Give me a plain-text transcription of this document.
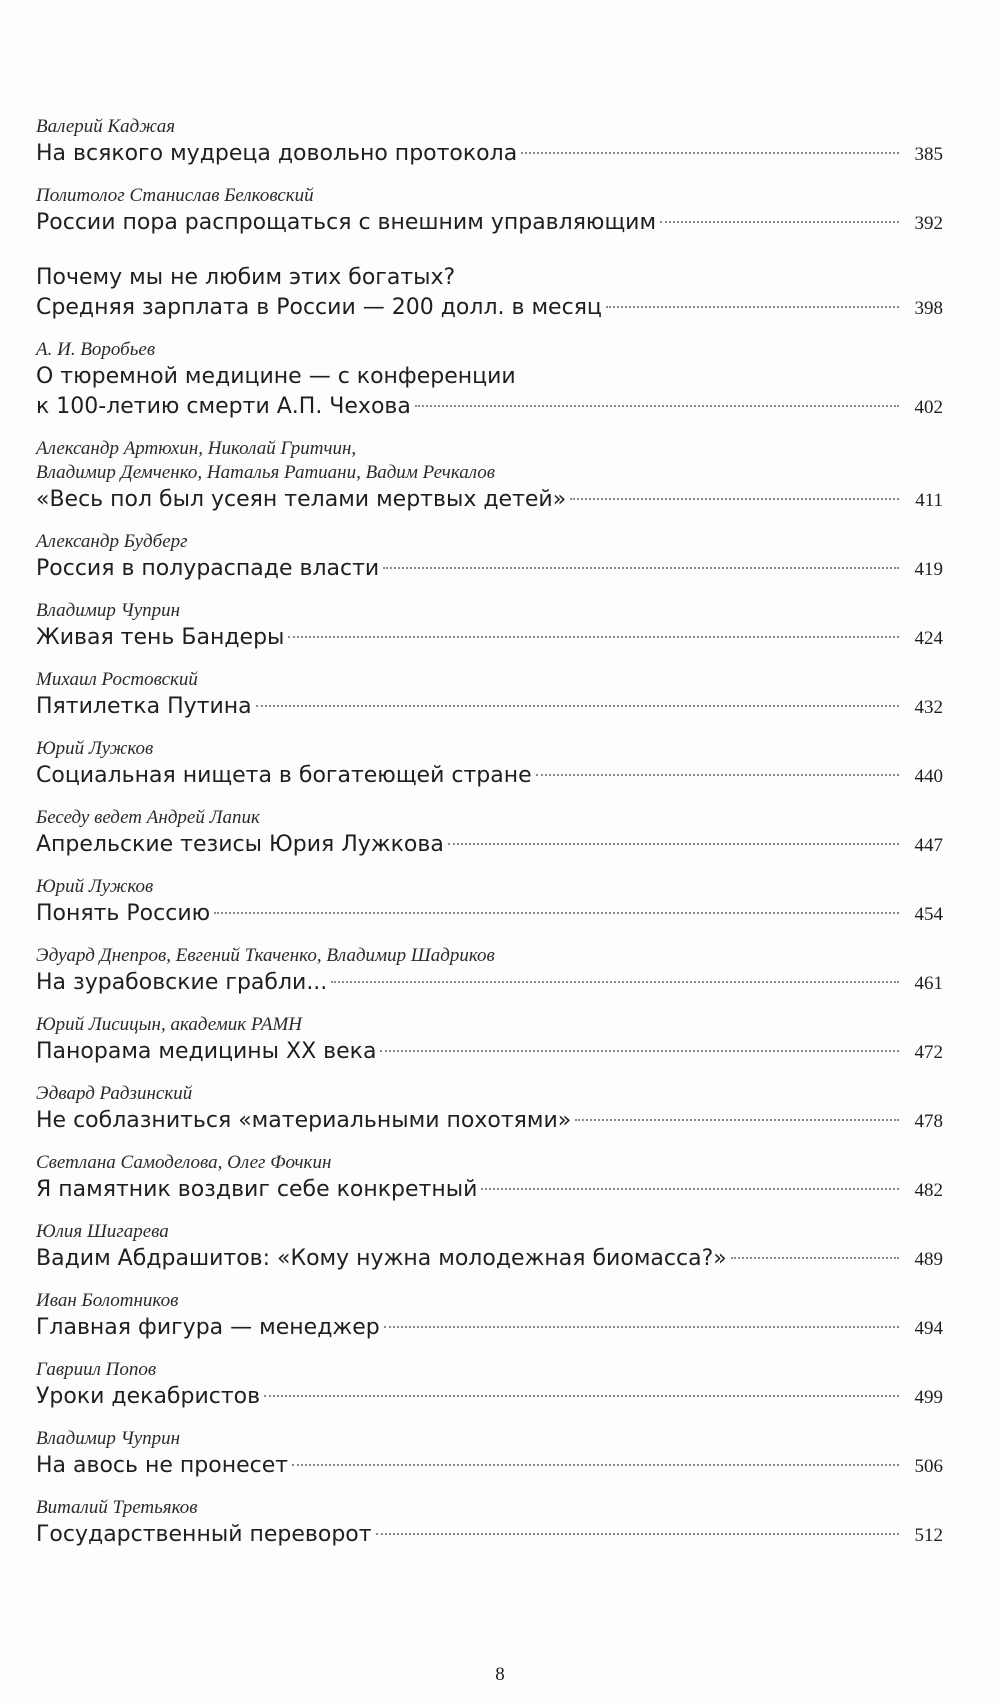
Валерий Каджая
На всякого мудреца довольно протокола	385
Политолог Станислав Белковский
России пора распрощаться с внешним управляющим	392
Почему мы не любим этих богатых?
Средняя зарплата в России — 200 долл. в месяц	398
А. И. Воробьев
О тюремной медицине — с конференции
к 100-летию смерти А.П. Чехова	402
Александр Артюхин, Николай Гритчин,
Владимир Демченко, Наталья Ратиани, Вадим Речкалов
«Весь пол был усеян телами мертвых детей»	411
Александр Будберг
Россия в полураспаде власти	419
Владимир Чуприн
Живая тень Бандеры	424
Михаил Ростовский
Пятилетка Путина	432
Юрий Лужков
Социальная нищета в богатеющей стране	440
Беседу ведет Андрей Лапик
Апрельские тезисы Юрия Лужкова	447
Юрий Лужков
Понять Россию	454
Эдуард Днепров, Евгений Ткаченко, Владимир Шадриков
На зурабовские грабли...	461
Юрий Лисицын, академик РАМН
Панорама медицины XX века	472
Эдвард Радзинский
Не соблазниться «материальными похотями»	478
Светлана Самоделова, Олег Фочкин
Я памятник воздвиг себе конкретный	482
Юлия Шигарева
Вадим Абдрашитов: «Кому нужна молодежная биомасса?»	489
Иван Болотников
Главная фигура — менеджер	494
Гавриил Попов
Уроки декабристов	499
Владимир Чуприн
На авось не пронесет	506
Виталий Третьяков
Государственный переворот	512
8
